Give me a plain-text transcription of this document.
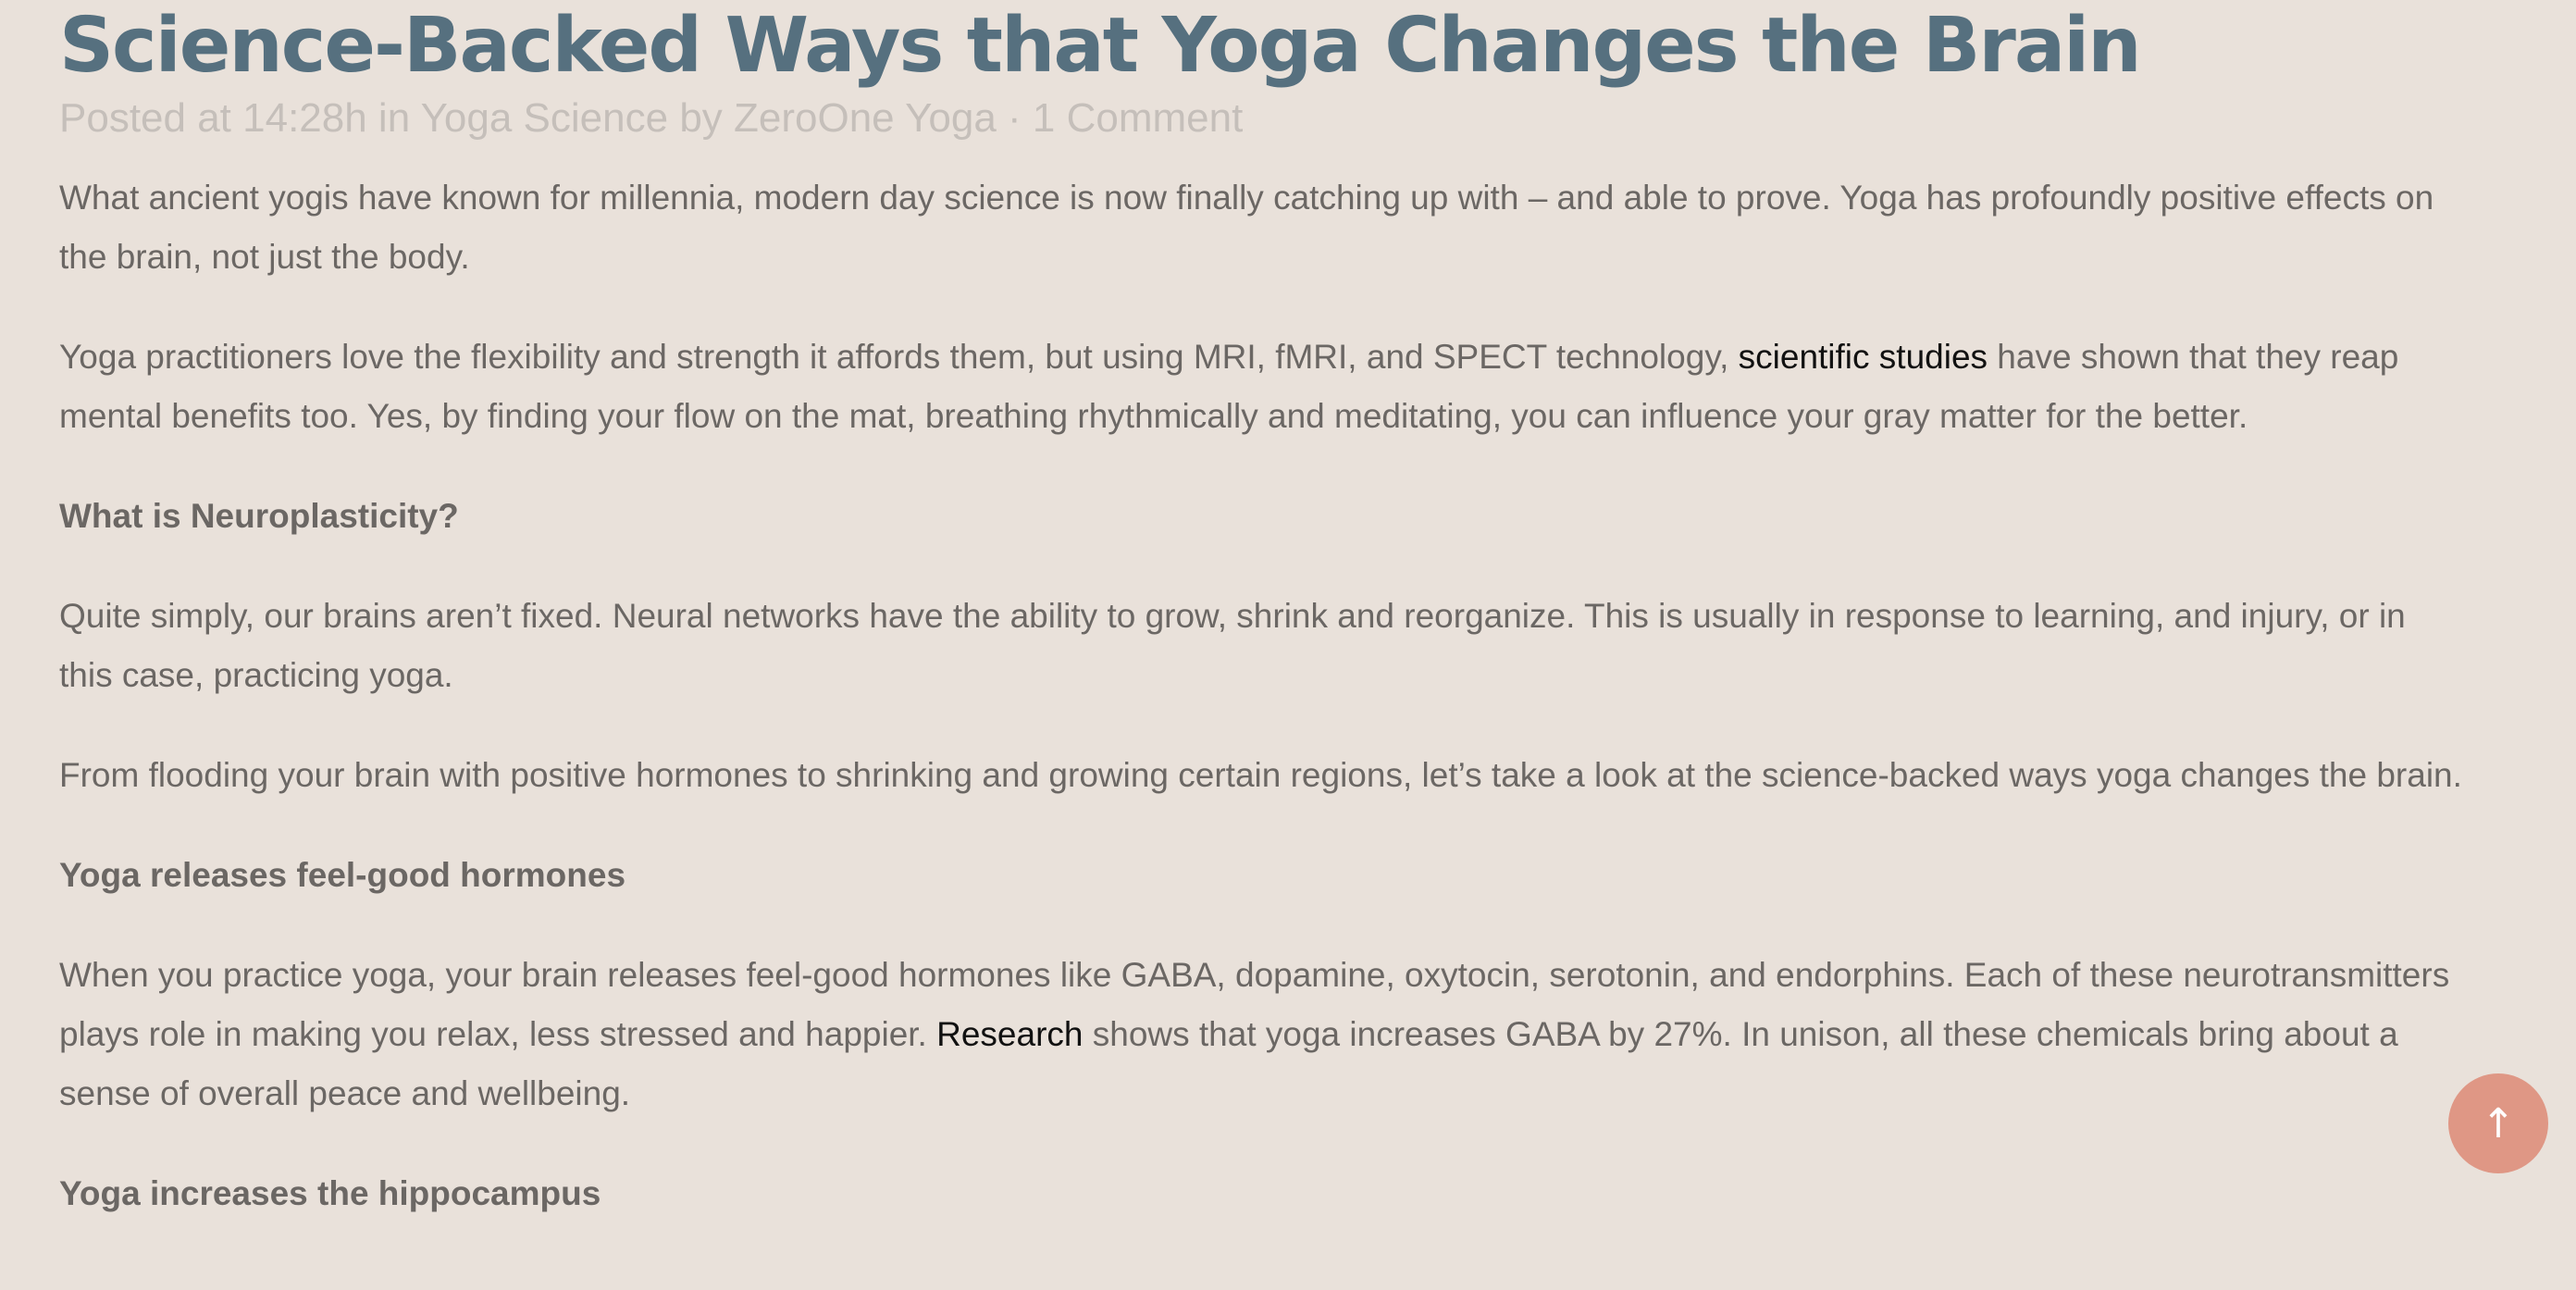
Science-Backed Ways that Yoga Changes the Brain
Posted at 14:28h in Yoga Science by ZeroOne Yoga · 1 Comment

What ancient yogis have known for millennia, modern day science is now finally catching up with – and able to prove. Yoga has profoundly positive effects on the brain, not just the body.

Yoga practitioners love the flexibility and strength it affords them, but using MRI, fMRI, and SPECT technology, scientific studies have shown that they reap mental benefits too. Yes, by finding your flow on the mat, breathing rhythmically and meditating, you can influence your gray matter for the better.

What is Neuroplasticity?

Quite simply, our brains aren’t fixed. Neural networks have the ability to grow, shrink and reorganize. This is usually in response to learning, and injury, or in this case, practicing yoga.

From flooding your brain with positive hormones to shrinking and growing certain regions, let’s take a look at the science-backed ways yoga changes the brain.

Yoga releases feel-good hormones

When you practice yoga, your brain releases feel-good hormones like GABA, dopamine, oxytocin, serotonin, and endorphins. Each of these neurotransmitters plays role in making you relax, less stressed and happier. Research shows that yoga increases GABA by 27%. In unison, all these chemicals bring about a sense of overall peace and wellbeing.

Yoga increases the hippocampus

↑
